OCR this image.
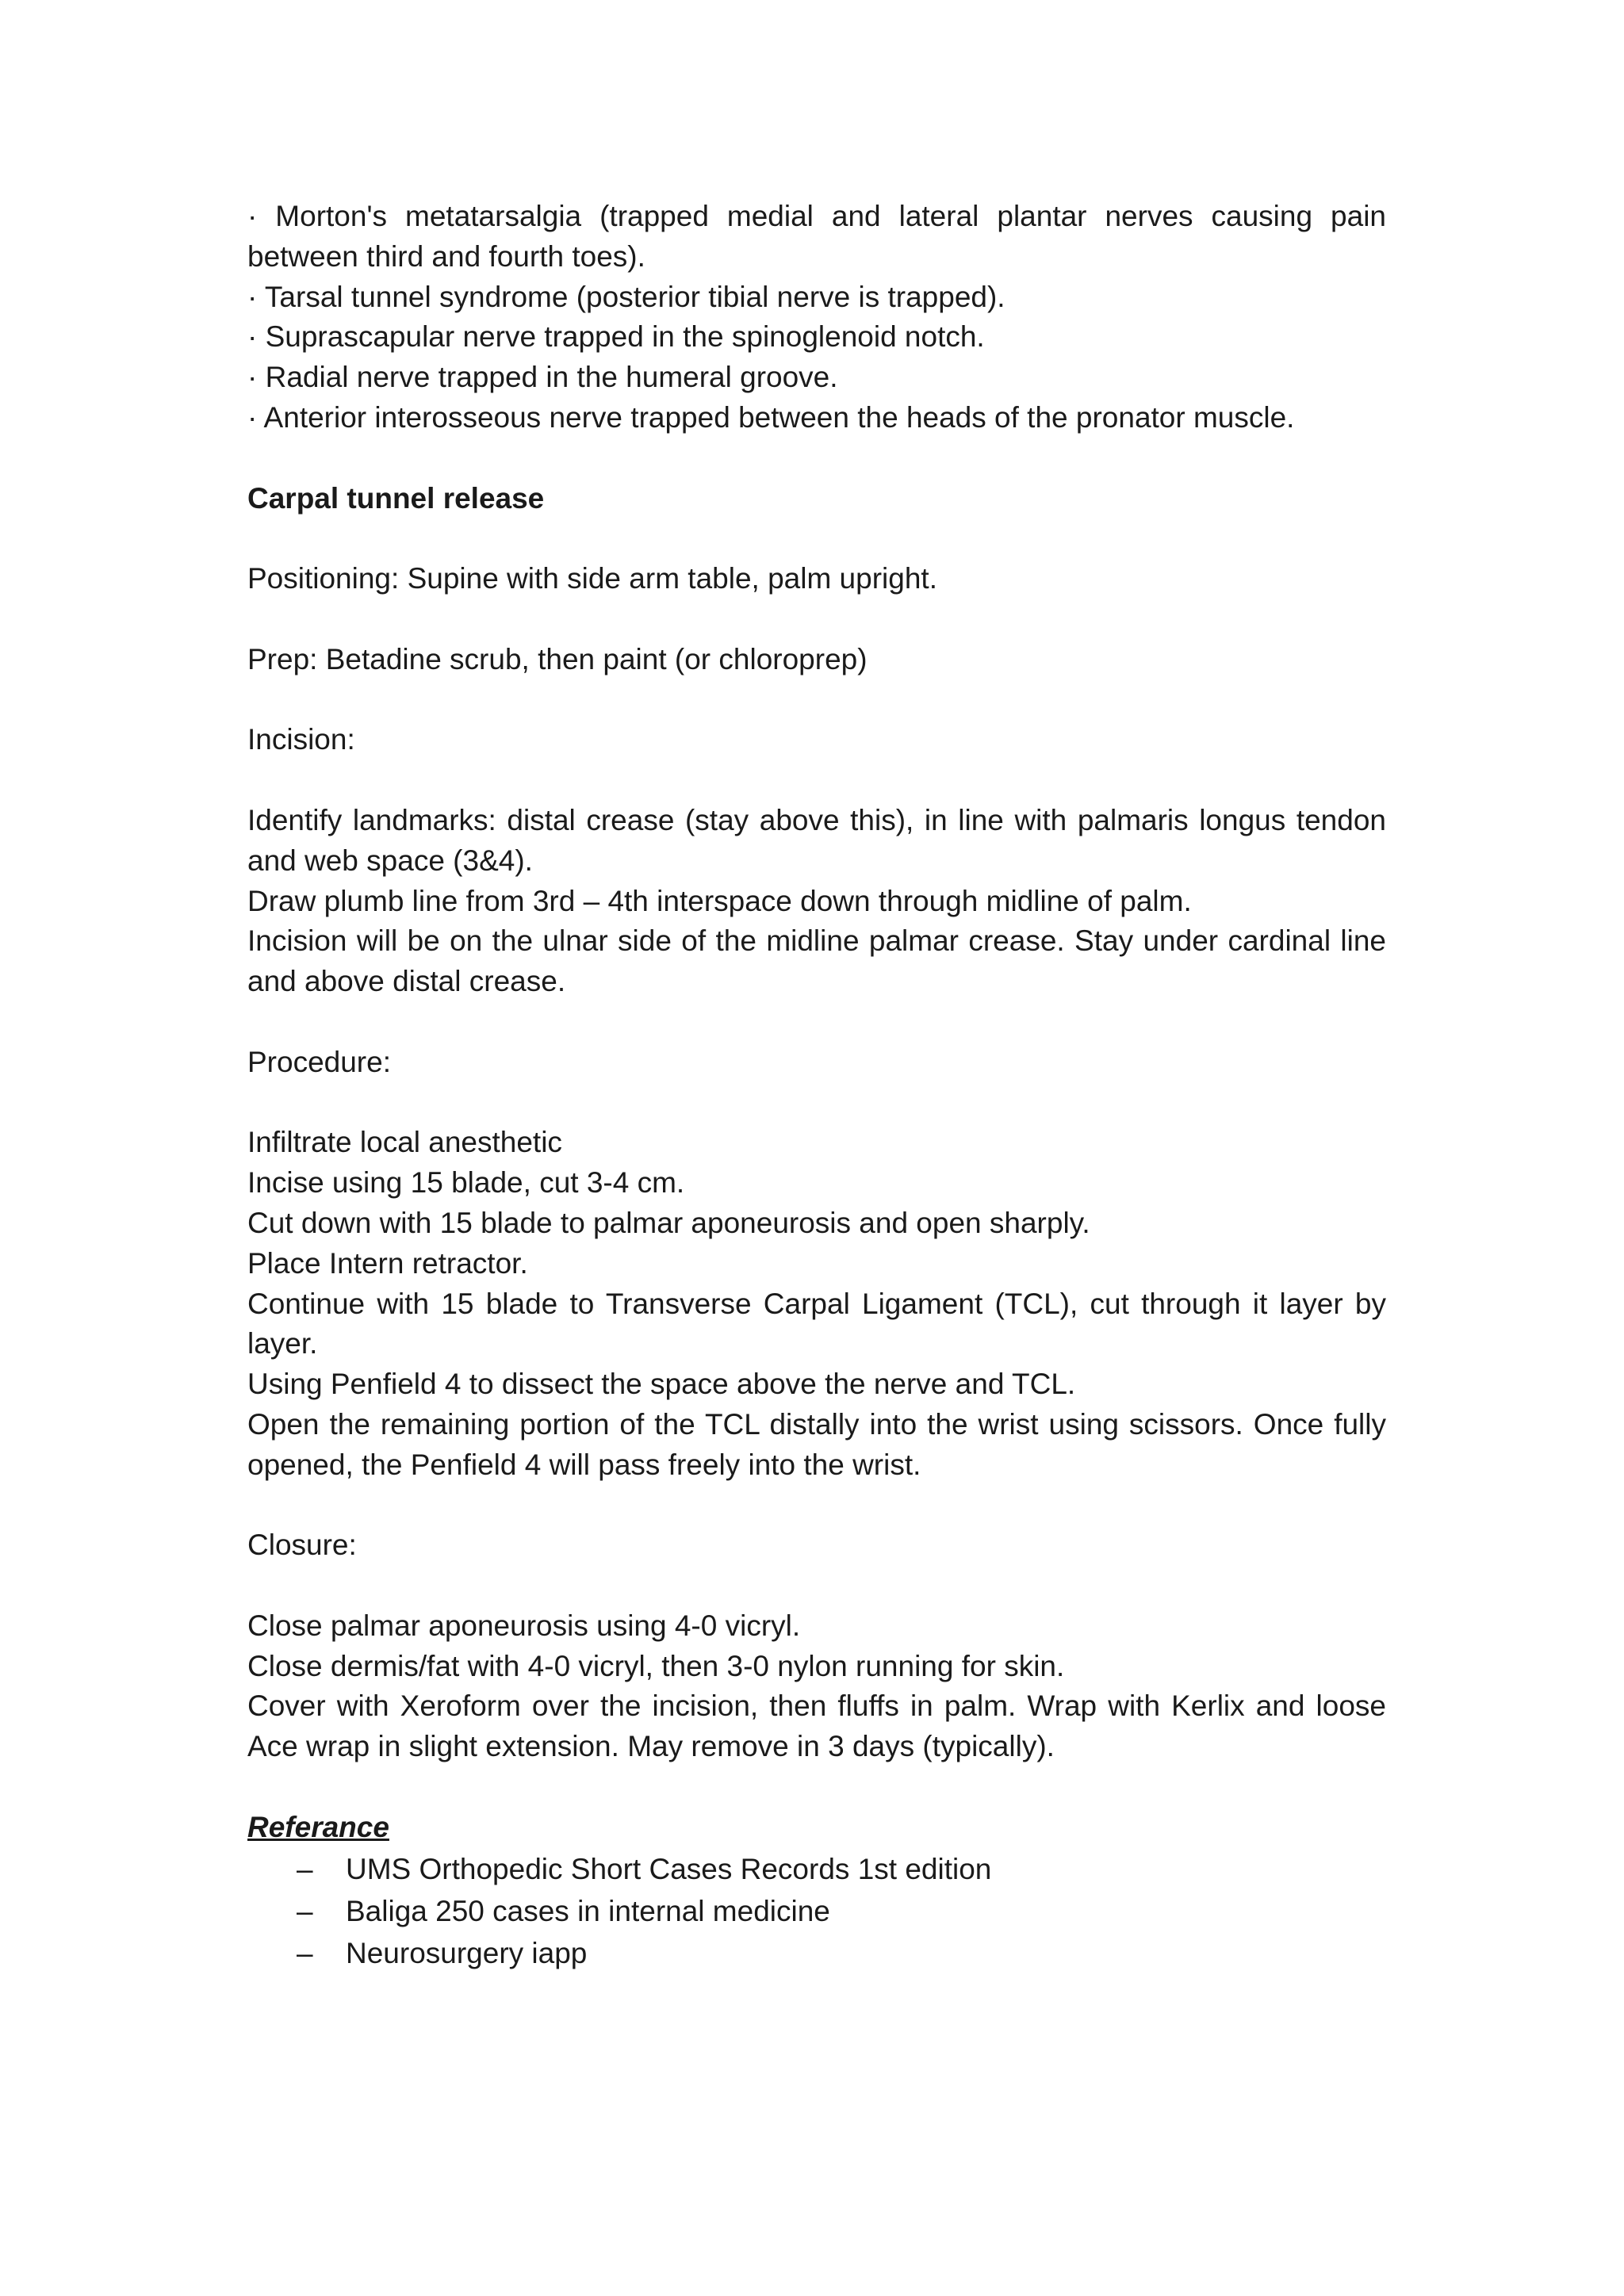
· Morton's metatarsalgia (trapped medial and lateral plantar nerves causing pain between third and fourth toes).
· Tarsal tunnel syndrome (posterior tibial nerve is trapped).
· Suprascapular nerve trapped in the spinoglenoid notch.
· Radial nerve trapped in the humeral groove.
· Anterior interosseous nerve trapped between the heads of the pronator muscle.
Carpal tunnel release
Positioning: Supine with side arm table, palm upright.
Prep: Betadine scrub, then paint (or chloroprep)
Incision:
Identify landmarks: distal crease (stay above this), in line with palmaris longus tendon and web space (3&4).
Draw plumb line from 3rd – 4th interspace down through midline of palm.
Incision will be on the ulnar side of the midline palmar crease. Stay under cardinal line and above distal crease.
Procedure:
Infiltrate local anesthetic
Incise using 15 blade, cut 3-4 cm.
Cut down with 15 blade to palmar aponeurosis and open sharply.
Place Intern retractor.
Continue with 15 blade to Transverse Carpal Ligament (TCL), cut through it layer by layer.
Using Penfield 4 to dissect the space above the nerve and TCL.
Open the remaining portion of the TCL distally into the wrist using scissors. Once fully opened, the Penfield 4 will pass freely into the wrist.
Closure:
Close palmar aponeurosis using 4-0 vicryl.
Close dermis/fat with 4-0 vicryl, then 3-0 nylon running for skin.
Cover with Xeroform over the incision, then fluffs in palm. Wrap with Kerlix and loose Ace wrap in slight extension. May remove in 3 days (typically).
Referance
– UMS Orthopedic Short Cases Records 1st edition
– Baliga 250 cases in internal medicine
– Neurosurgery iapp
